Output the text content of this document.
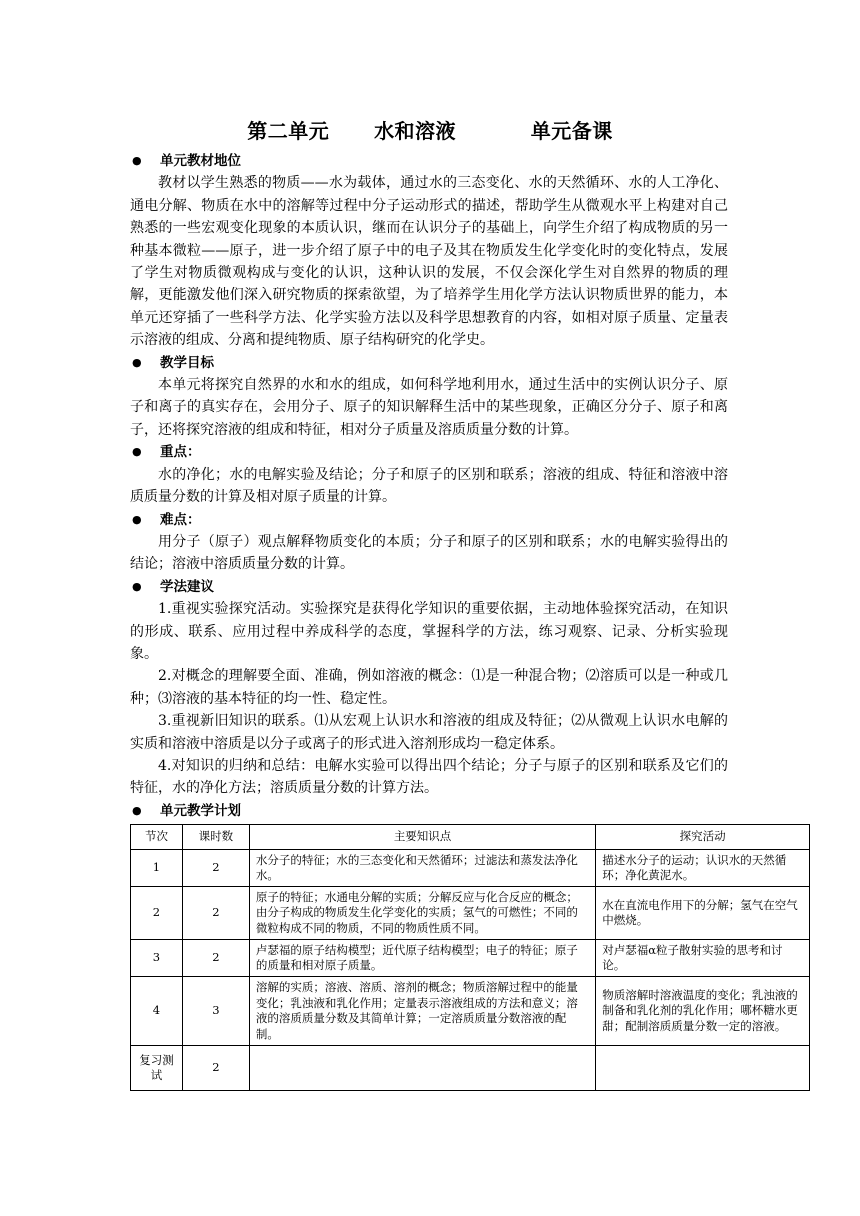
第二单元 水和溶液	单元备课
● 单元教材地位
教材以学生熟悉的物质——水为载体，通过水的三态变化、水的天然循环、水的人工净化、通电分解、物质在水中的溶解等过程中分子运动形式的描述，帮助学生从微观水平上构建对自己熟悉的一些宏观变化现象的本质认识，继而在认识分子的基础上，向学生介绍了构成物质的另一种基本微粒——原子，进一步介绍了原子中的电子及其在物质发生化学变化时的变化特点，发展了学生对物质微观构成与变化的认识，这种认识的发展，不仅会深化学生对自然界的物质的理解，更能激发他们深入研究物质的探索欲望，为了培养学生用化学方法认识物质世界的能力，本单元还穿插了一些科学方法、化学实验方法以及科学思想教育的内容，如相对原子质量、定量表示溶液的组成、分离和提纯物质、原子结构研究的化学史。
● 教学目标
本单元将探究自然界的水和水的组成，如何科学地利用水，通过生活中的实例认识分子、原子和离子的真实存在，会用分子、原子的知识解释生活中的某些现象，正确区分分子、原子和离子，还将探究溶液的组成和特征，相对分子质量及溶质质量分数的计算。
● 重点：
水的净化；水的电解实验及结论；分子和原子的区别和联系；溶液的组成、特征和溶液中溶质质量分数的计算及相对原子质量的计算。
● 难点：
用分子（原子）观点解释物质变化的本质；分子和原子的区别和联系；水的电解实验得出的结论；溶液中溶质质量分数的计算。
● 学法建议
1.重视实验探究活动。实验探究是获得化学知识的重要依据，主动地体验探究活动，在知识的形成、联系、应用过程中养成科学的态度，掌握科学的方法，练习观察、记录、分析实验现象。
2.对概念的理解要全面、准确，例如溶液的概念：⑴是一种混合物；⑵溶质可以是一种或几种；⑶溶液的基本特征的均一性、稳定性。
3.重视新旧知识的联系。⑴从宏观上认识水和溶液的组成及特征；⑵从微观上认识水电解的实质和溶液中溶质是以分子或离子的形式进入溶剂形成均一稳定体系。
4.对知识的归纳和总结：电解水实验可以得出四个结论；分子与原子的区别和联系及它们的特征，水的净化方法；溶质质量分数的计算方法。
● 单元教学计划
节次	课时数	主要知识点	探究活动
1	2	水分子的特征；水的三态变化和天然循环；过滤法和蒸发法净化水。	描述水分子的运动；认识水的天然循环；净化黄泥水。
2	2	原子的特征；水通电分解的实质；分解反应与化合反应的概念；由分子构成的物质发生化学变化的实质；氢气的可燃性；不同的微粒构成不同的物质，不同的物质性质不同。	水在直流电作用下的分解；氢气在空气中燃烧。
3	2	卢瑟福的原子结构模型；近代原子结构模型；电子的特征；原子的质量和相对原子质量。	对卢瑟福α粒子散射实验的思考和讨论。
4	3	溶解的实质；溶液、溶质、溶剂的概念；物质溶解过程中的能量变化；乳浊液和乳化作用；定量表示溶液组成的方法和意义；溶液的溶质质量分数及其简单计算；一定溶质质量分数溶液的配制。	物质溶解时溶液温度的变化；乳浊液的制备和乳化剂的乳化作用；哪杯糖水更甜；配制溶质质量分数一定的溶液。
复习测试	2		
